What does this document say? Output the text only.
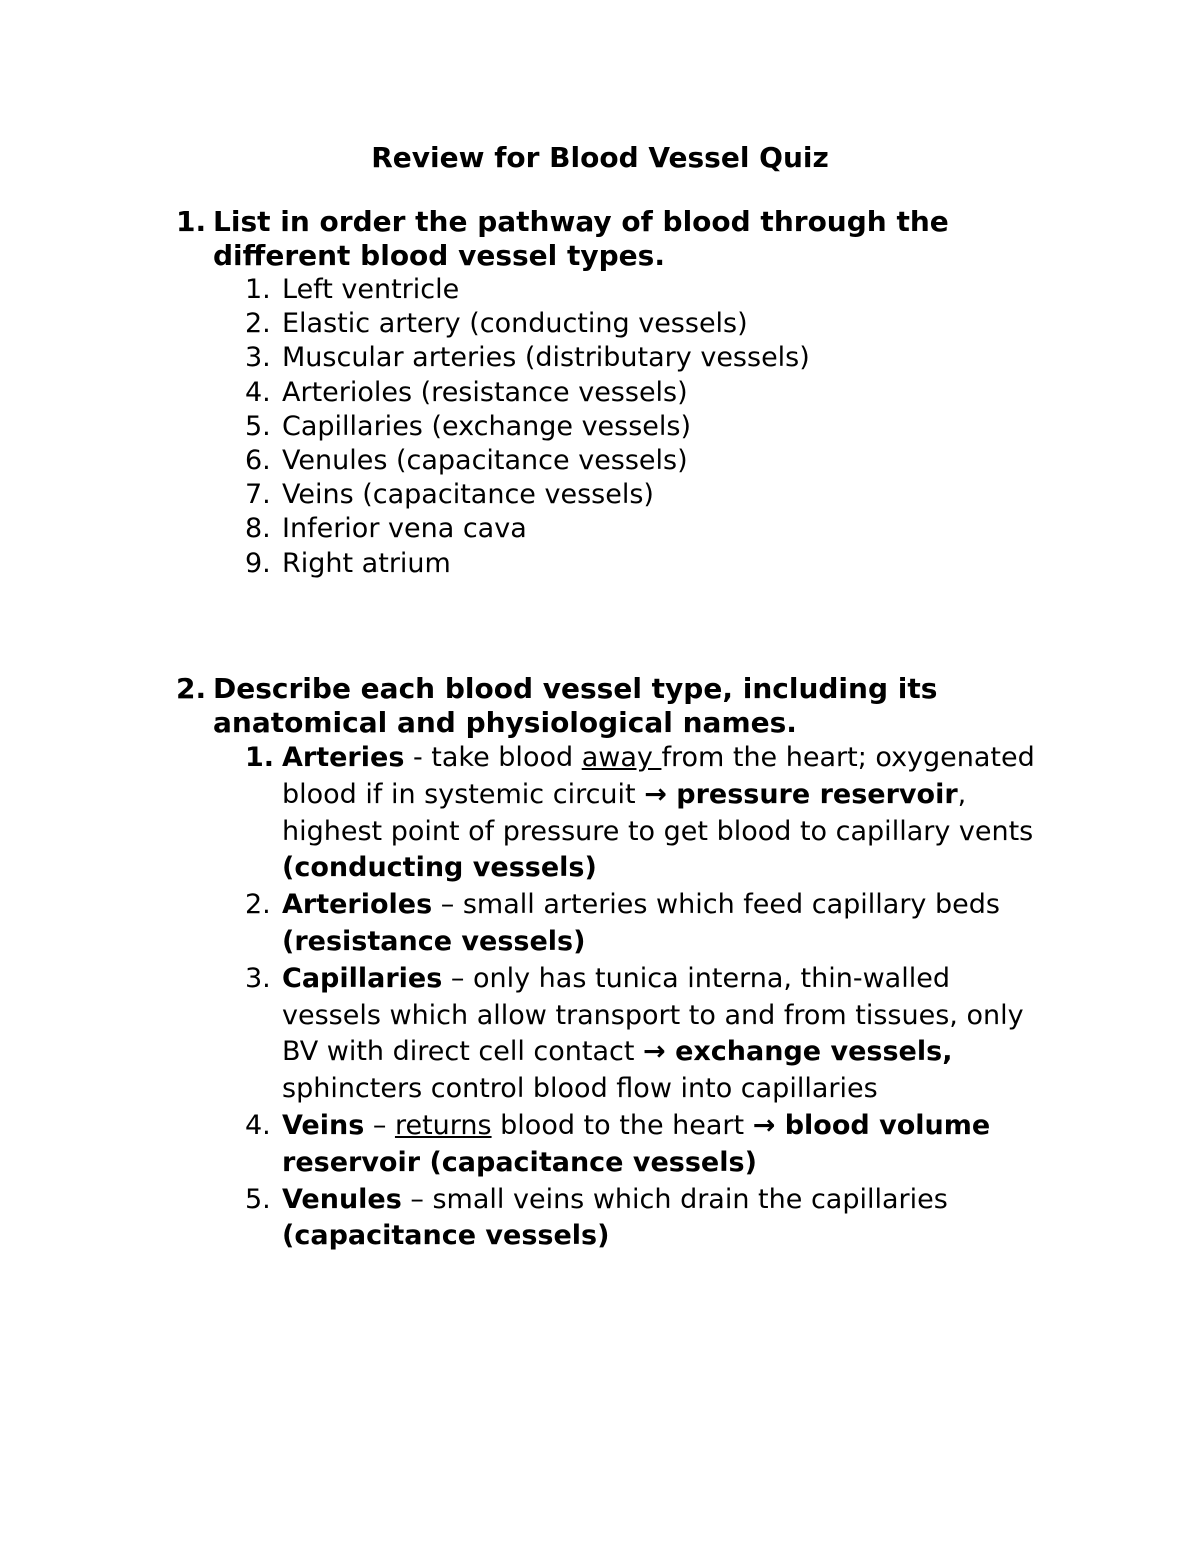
Review for Blood Vessel Quiz

1. List in order the pathway of blood through the different blood vessel types.

1. Left ventricle
2. Elastic artery (conducting vessels)
3. Muscular arteries (distributary vessels)
4. Arterioles (resistance vessels)
5. Capillaries (exchange vessels)
6. Venules (capacitance vessels)
7. Veins (capacitance vessels)
8. Inferior vena cava
9. Right atrium

2. Describe each blood vessel type, including its anatomical and physiological names.

1. Arteries - take blood away from the heart; oxygenated blood if in systemic circuit → pressure reservoir, highest point of pressure to get blood to capillary vents (conducting vessels)
2. Arterioles – small arteries which feed capillary beds (resistance vessels)
3. Capillaries – only has tunica interna, thin-walled vessels which allow transport to and from tissues, only BV with direct cell contact → exchange vessels, sphincters control blood flow into capillaries
4. Veins – returns blood to the heart → blood volume reservoir (capacitance vessels)
5. Venules – small veins which drain the capillaries (capacitance vessels)
